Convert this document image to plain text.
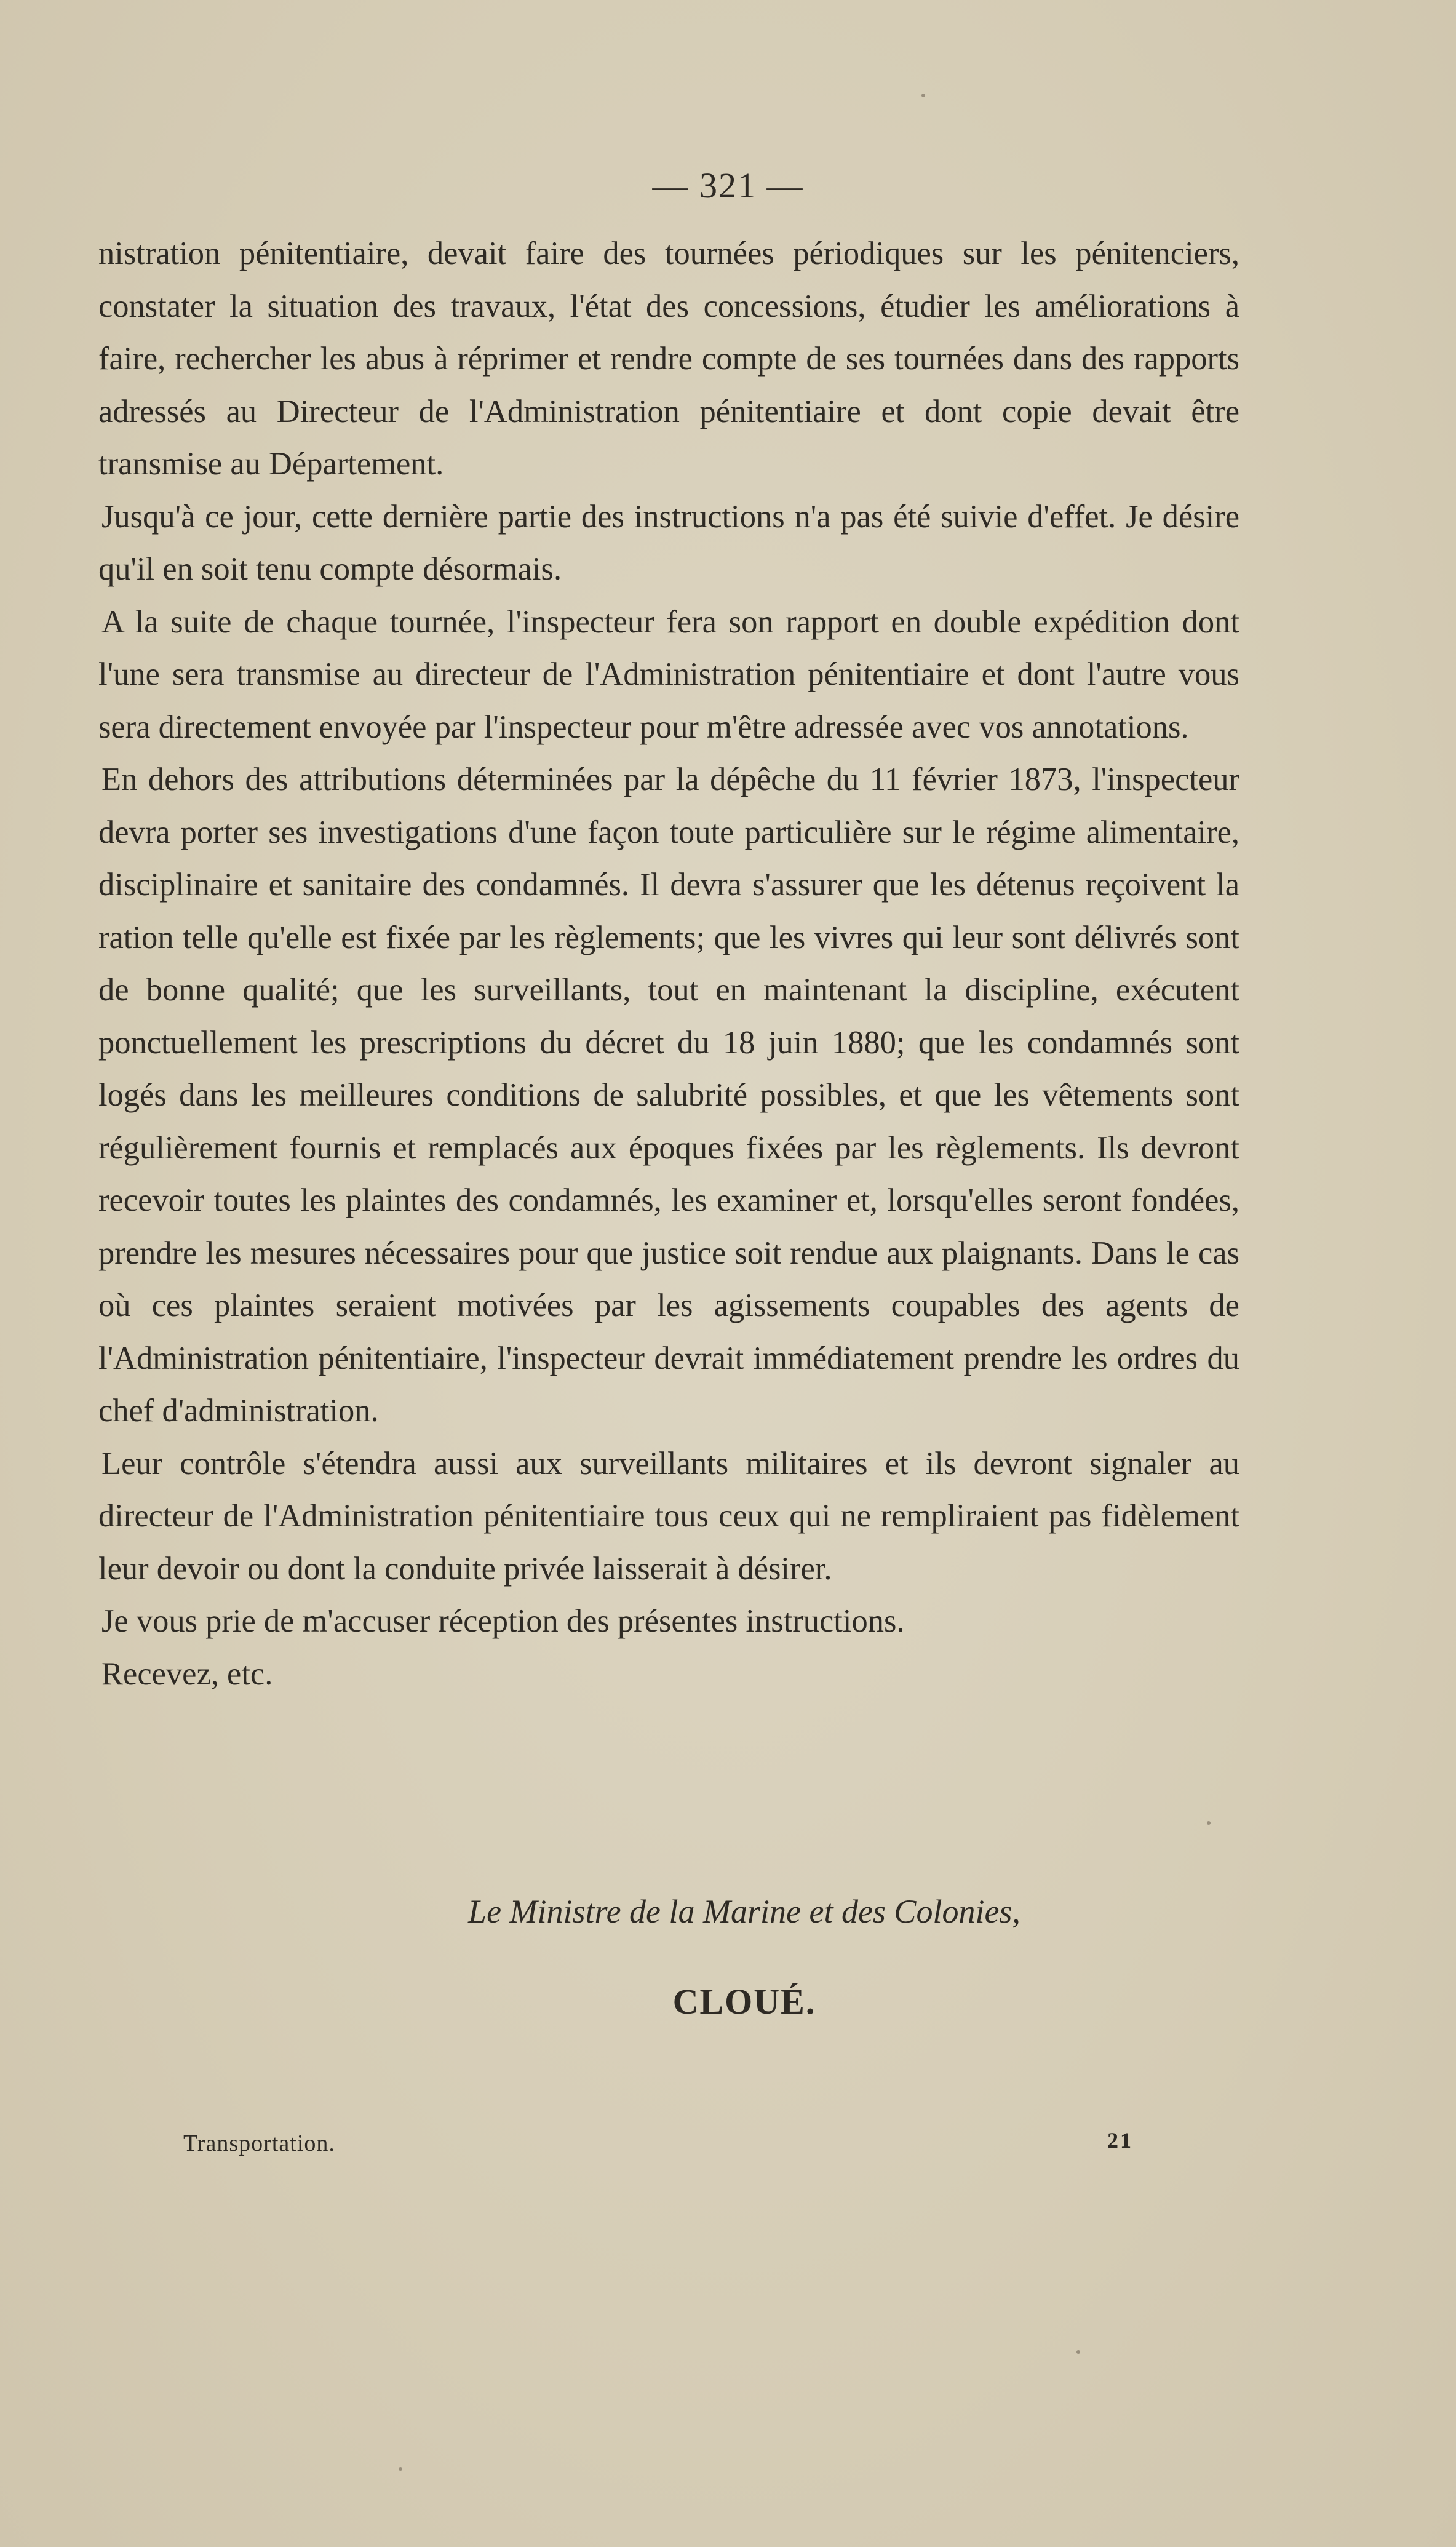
— 321 —

nistration pénitentiaire, devait faire des tournées périodiques sur les pénitenciers, constater la situation des travaux, l'état des concessions, étudier les améliorations à faire, rechercher les abus à réprimer et rendre compte de ses tournées dans des rapports adressés au Directeur de l'Administration pénitentiaire et dont copie devait être transmise au Département.

Jusqu'à ce jour, cette dernière partie des instructions n'a pas été suivie d'effet. Je désire qu'il en soit tenu compte désormais.

A la suite de chaque tournée, l'inspecteur fera son rapport en double expédition dont l'une sera transmise au directeur de l'Administration pénitentiaire et dont l'autre vous sera directement envoyée par l'inspecteur pour m'être adressée avec vos annotations.

En dehors des attributions déterminées par la dépêche du 11 février 1873, l'inspecteur devra porter ses investigations d'une façon toute particulière sur le régime alimentaire, disciplinaire et sanitaire des condamnés. Il devra s'assurer que les détenus reçoivent la ration telle qu'elle est fixée par les règlements; que les vivres qui leur sont délivrés sont de bonne qualité; que les surveillants, tout en maintenant la discipline, exécutent ponctuellement les prescriptions du décret du 18 juin 1880; que les condamnés sont logés dans les meilleures conditions de salubrité possibles, et que les vêtements sont régulièrement fournis et remplacés aux époques fixées par les règlements. Ils devront recevoir toutes les plaintes des condamnés, les examiner et, lorsqu'elles seront fondées, prendre les mesures nécessaires pour que justice soit rendue aux plaignants. Dans le cas où ces plaintes seraient motivées par les agissements coupables des agents de l'Administration pénitentiaire, l'inspecteur devrait immédiatement prendre les ordres du chef d'administration.

Leur contrôle s'étendra aussi aux surveillants militaires et ils devront signaler au directeur de l'Administration pénitentiaire tous ceux qui ne rempliraient pas fidèlement leur devoir ou dont la conduite privée laisserait à désirer.

Je vous prie de m'accuser réception des présentes instructions.

Recevez, etc.

Le Ministre de la Marine et des Colonies,
CLOUÉ.
Transportation.	21
